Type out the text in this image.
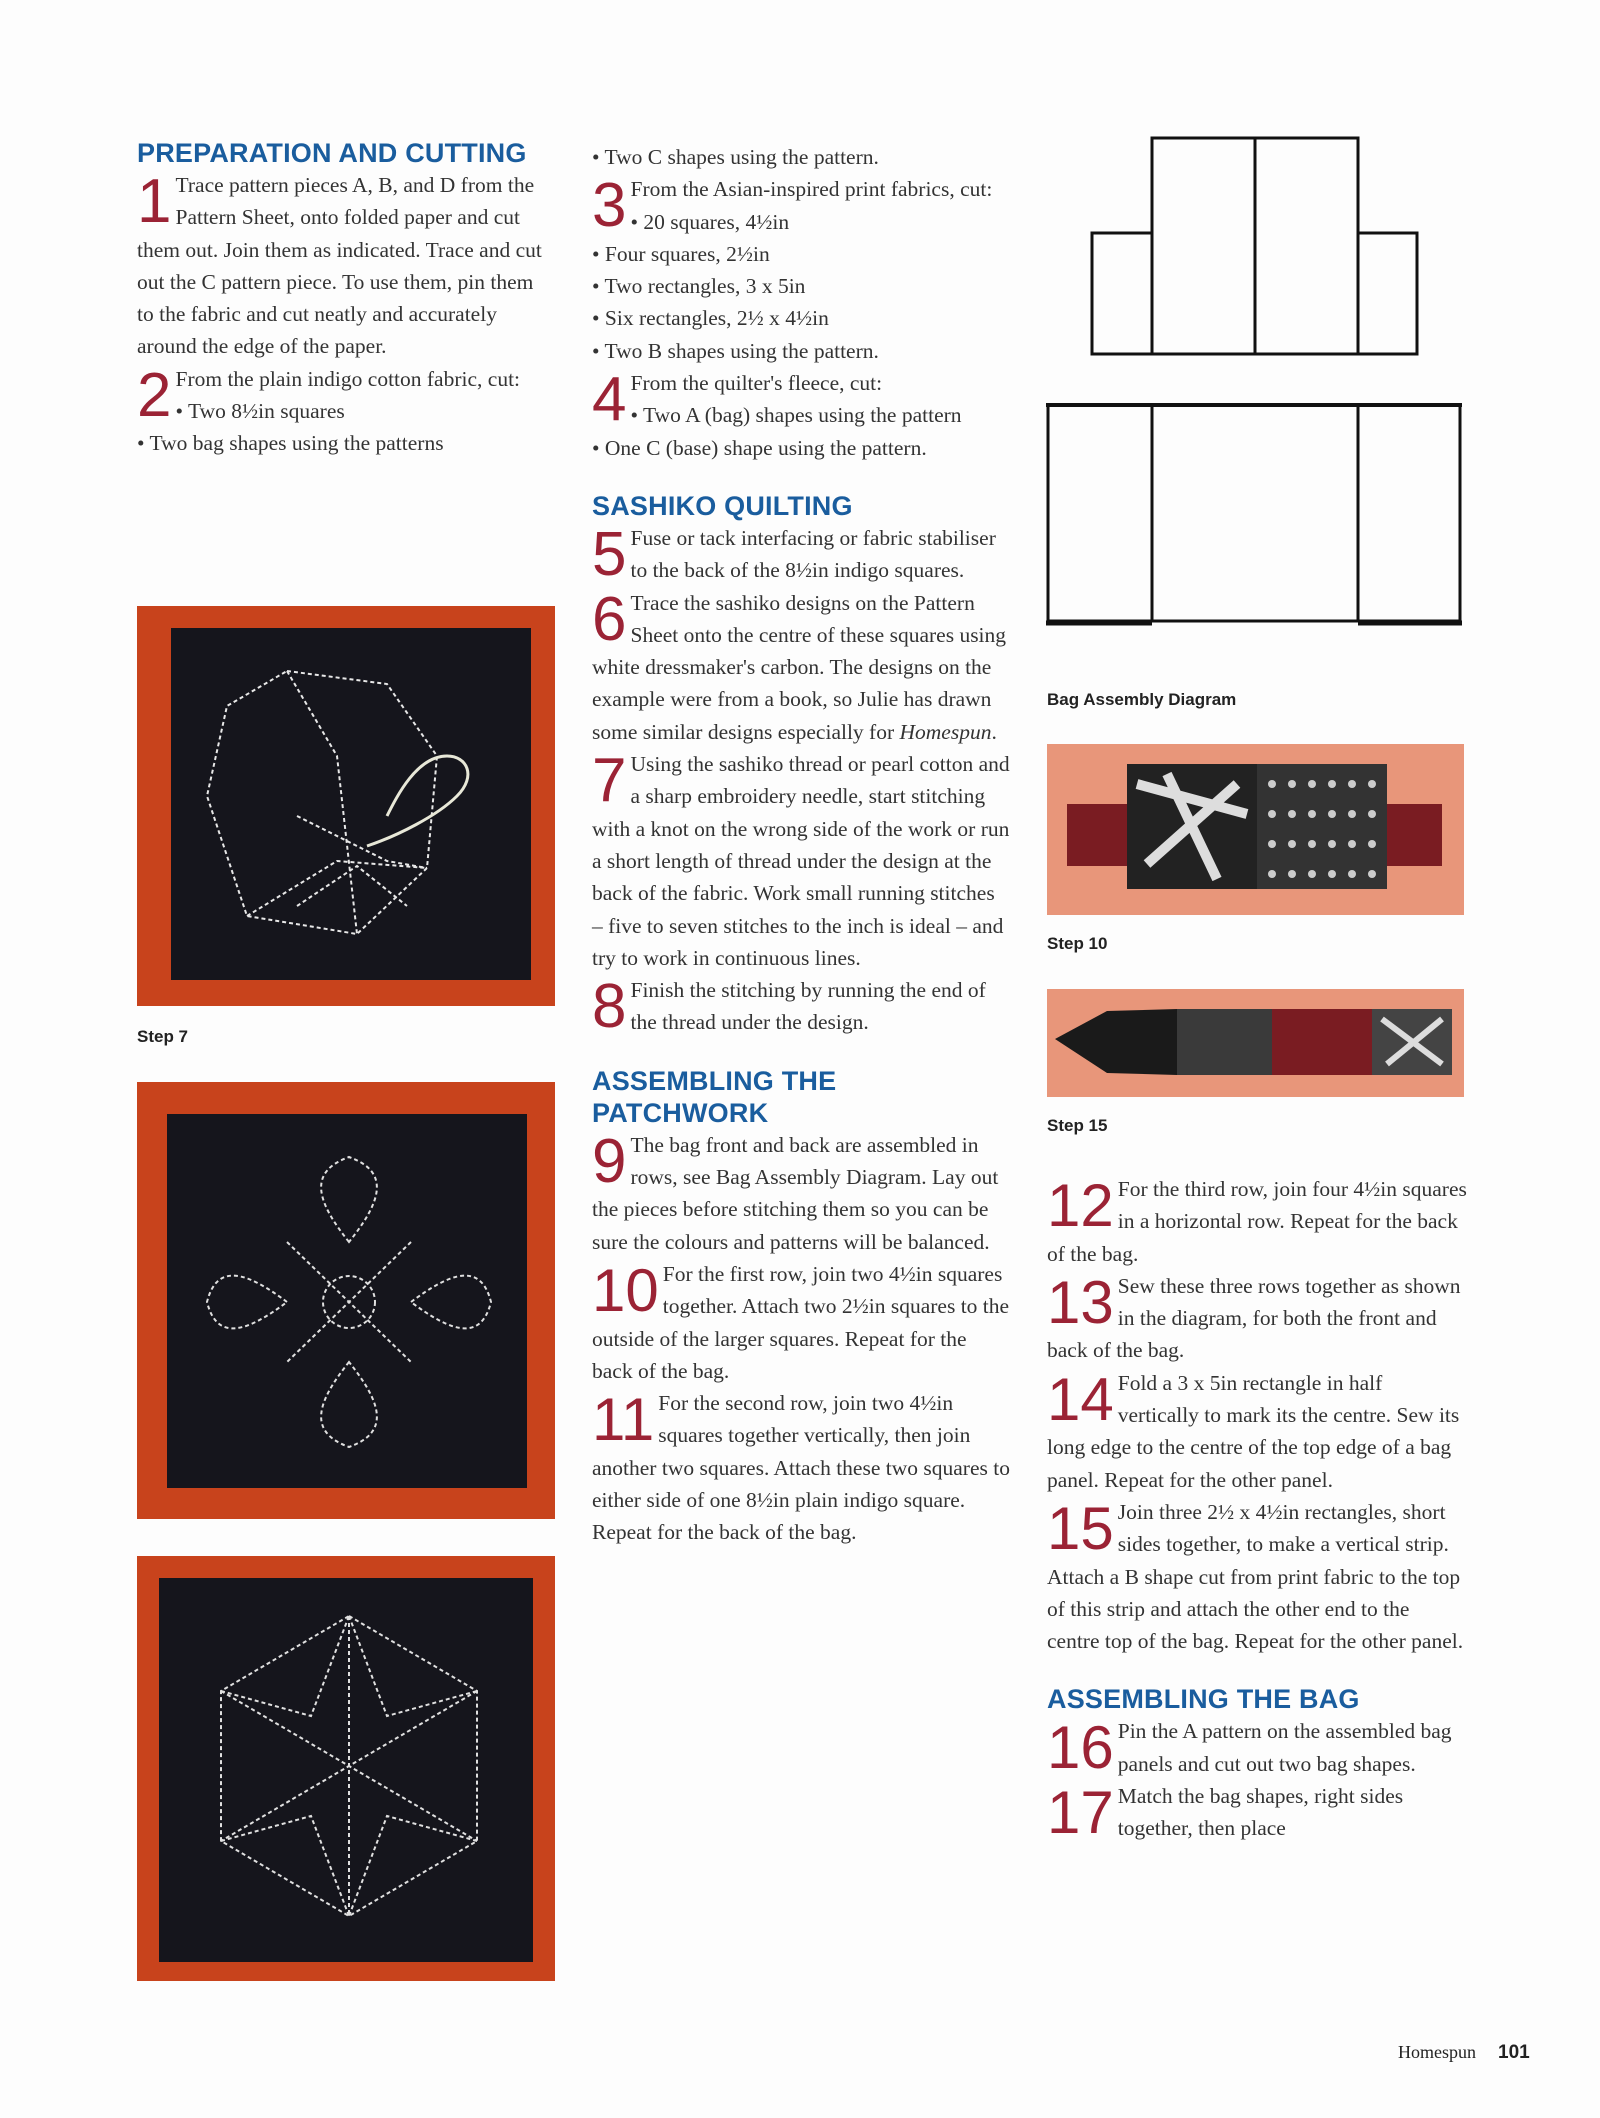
PREPARATION AND CUTTING
1 Trace pattern pieces A, B, and D from the Pattern Sheet, onto folded paper and cut them out. Join them as indicated. Trace and cut out the C pattern piece. To use them, pin them to the fabric and cut neatly and accurately around the edge of the paper.
2 From the plain indigo cotton fabric, cut:
• Two 8½in squares
• Two bag shapes using the patterns
Step 7
• Two C shapes using the pattern.
3 From the Asian-inspired print fabrics, cut:
• 20 squares, 4½in
• Four squares, 2½in
• Two rectangles, 3 x 5in
• Six rectangles, 2½ x 4½in
• Two B shapes using the pattern.
4 From the quilter's fleece, cut:
• Two A (bag) shapes using the pattern
• One C (base) shape using the pattern.
SASHIKO QUILTING
5 Fuse or tack interfacing or fabric stabiliser to the back of the 8½in indigo squares.
6 Trace the sashiko designs on the Pattern Sheet onto the centre of these squares using white dressmaker's carbon. The designs on the example were from a book, so Julie has drawn some similar designs especially for Homespun.
7 Using the sashiko thread or pearl cotton and a sharp embroidery needle, start stitching with a knot on the wrong side of the work or run a short length of thread under the design at the back of the fabric. Work small running stitches – five to seven stitches to the inch is ideal – and try to work in continuous lines.
8 Finish the stitching by running the end of the thread under the design.
ASSEMBLING THE PATCHWORK
9 The bag front and back are assembled in rows, see Bag Assembly Diagram. Lay out the pieces before stitching them so you can be sure the colours and patterns will be balanced.
10 For the first row, join two 4½in squares together. Attach two 2½in squares to the outside of the larger squares. Repeat for the back of the bag.
11 For the second row, join two 4½in squares together vertically, then join another two squares. Attach these two squares to either side of one 8½in plain indigo square. Repeat for the back of the bag.
Bag Assembly Diagram
Step 10
Step 15
12 For the third row, join four 4½in squares in a horizontal row. Repeat for the back of the bag.
13 Sew these three rows together as shown in the diagram, for both the front and back of the bag.
14 Fold a 3 x 5in rectangle in half vertically to mark its the centre. Sew its long edge to the centre of the top edge of a bag panel. Repeat for the other panel.
15 Join three 2½ x 4½in rectangles, short sides together, to make a vertical strip. Attach a B shape cut from print fabric to the top of this strip and attach the other end to the centre top of the bag. Repeat for the other panel.
ASSEMBLING THE BAG
16 Pin the A pattern on the assembled bag panels and cut out two bag shapes.
17 Match the bag shapes, right sides together, then place
Homespun 101
